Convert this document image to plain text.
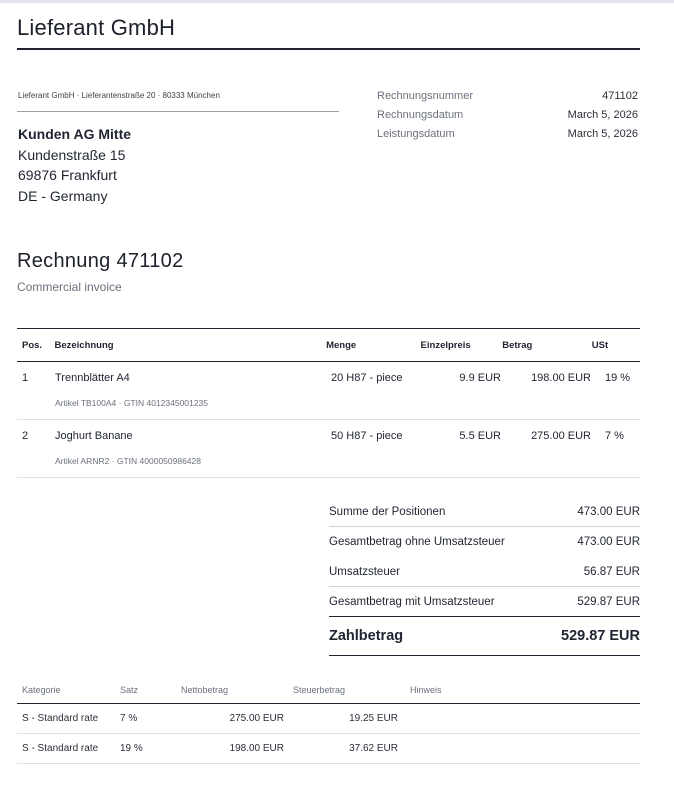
Lieferant GmbH
Lieferant GmbH · Lieferantenstraße 20 · 80333 München
Kunden AG Mitte
Kundenstraße 15
69876 Frankfurt
DE - Germany
Rechnungsnummer	471102
Rechnungsdatum	March 5, 2026
Leistungsdatum	March 5, 2026
Rechnung 471102
Commercial invoice
Pos.	Bezeichnung	Menge	Einzelpreis	Betrag	USt
1	Trennblätter A4	20 H87 - piece	9.9 EUR	198.00 EUR	19 %
Artikel TB100A4 · GTIN 4012345001235
2	Joghurt Banane	50 H87 - piece	5.5 EUR	275.00 EUR	7 %
Artikel ARNR2 · GTIN 4000050986428
Summe der Positionen	473.00 EUR
Gesamtbetrag ohne Umsatzsteuer	473.00 EUR
Umsatzsteuer	56.87 EUR
Gesamtbetrag mit Umsatzsteuer	529.87 EUR
Zahlbetrag	529.87 EUR
Kategorie	Satz	Nettobetrag	Steuerbetrag	Hinweis
S - Standard rate	7 %	275.00 EUR	19.25 EUR
S - Standard rate	19 %	198.00 EUR	37.62 EUR
